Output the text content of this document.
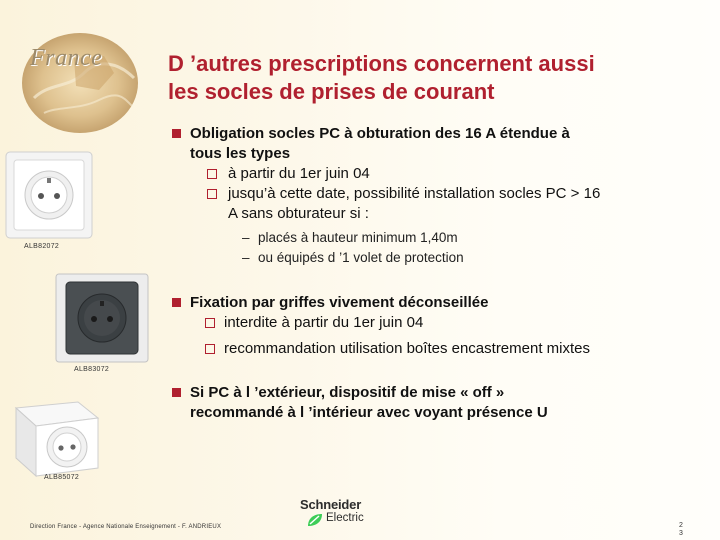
France	D ’autres prescriptions concernent aussi
les socles de prises de courant
Obligation socles PC à obturation des 16 A étendue à
tous les types
à partir du 1er juin 04
jusqu’à cette date, possibilité installation socles PC > 16
A sans obturateur si :
– placés à hauteur minimum 1,40m
– ou équipés d ’1 volet de protection
Fixation par griffes vivement déconseillée
interdite à partir du 1er juin 04
recommandation utilisation boîtes encastrement mixtes
Si PC à l ’extérieur, dispositif de mise « off »
recommandé à l ’intérieur avec voyant présence U
ALB82072
ALB83072
ALB85072
Schneider
Electric
Direction France - Agence Nationale Enseignement - F. ANDRIEUX	2
3
